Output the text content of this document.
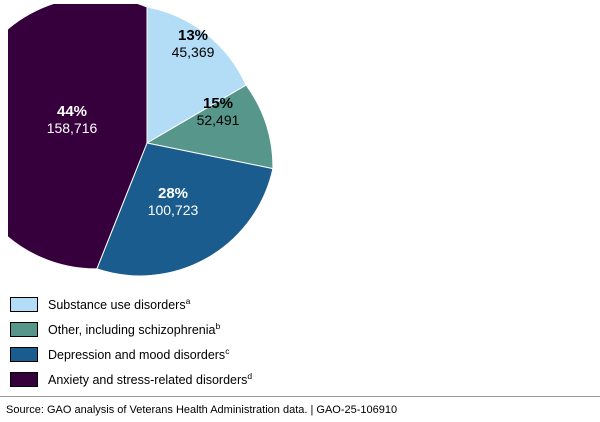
13%
45,369
15%
52,491
28%
100,723
44%
158,716
Substance use disorders$^a$
Other, including schizophrenia$^b$
Depression and mood disorders$^c$
Anxiety and stress-related disorders$^d$
Source: GAO analysis of Veterans Health Administration data. | GAO-25-106910
